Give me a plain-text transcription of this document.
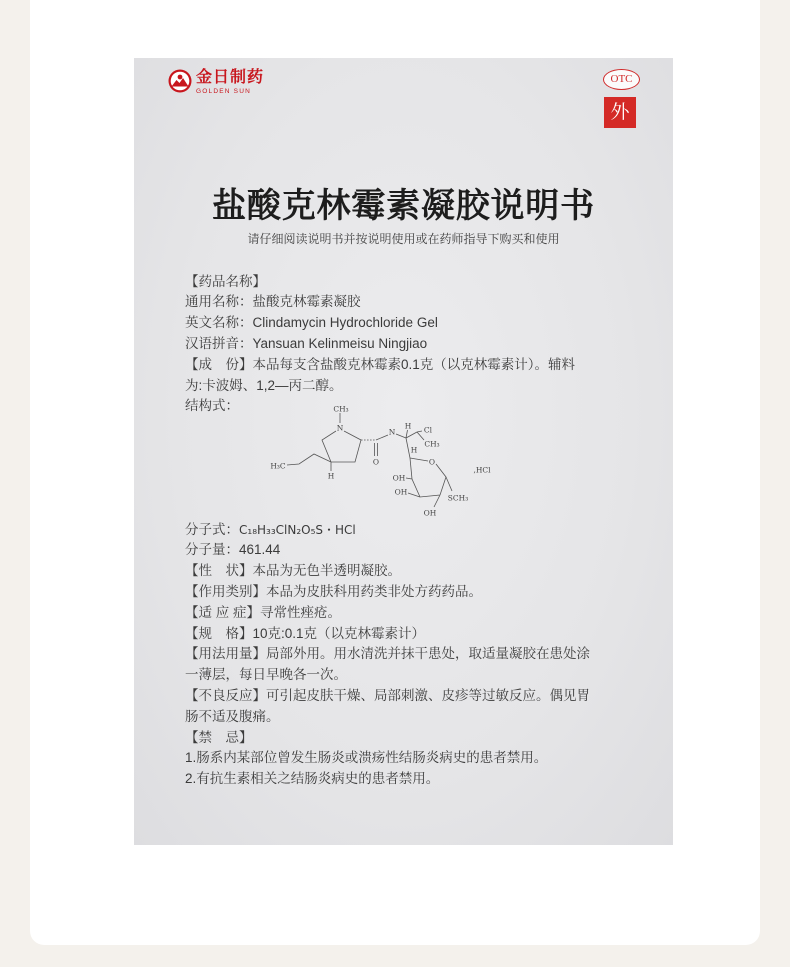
金日制药
GOLDEN SUN
OTC
外
盐酸克林霉素凝胶说明书
请仔细阅读说明书并按说明使用或在药师指导下购买和使用
【药品名称】
通用名称：盐酸克林霉素凝胶
英文名称：Clindamycin Hydrochloride Gel
汉语拼音：Yansuan Kelinmeisu Ningjiao
【成　份】本品每支含盐酸克林霉素0.1克（以克林霉素计）。辅料
为:卡波姆、1,2—丙二醇。
结构式：	CH₃
N
H
H₃C	O
N
H Cl
CH₃
H
O
OH
OH
OH
SCH₃
,HCl
分子式：C₁₈H₃₃ClN₂O₅S・HCl
分子量：461.44
【性　状】本品为无色半透明凝胶。
【作用类别】本品为皮肤科用药类非处方药药品。
【适 应 症】寻常性痤疮。
【规　格】10克:0.1克（以克林霉素计）
【用法用量】局部外用。用水清洗并抹干患处，取适量凝胶在患处涂
一薄层，每日早晚各一次。
【不良反应】可引起皮肤干燥、局部刺激、皮疹等过敏反应。偶见胃
肠不适及腹痛。
【禁　忌】
1.肠系内某部位曾发生肠炎或溃疡性结肠炎病史的患者禁用。
2.有抗生素相关之结肠炎病史的患者禁用。
